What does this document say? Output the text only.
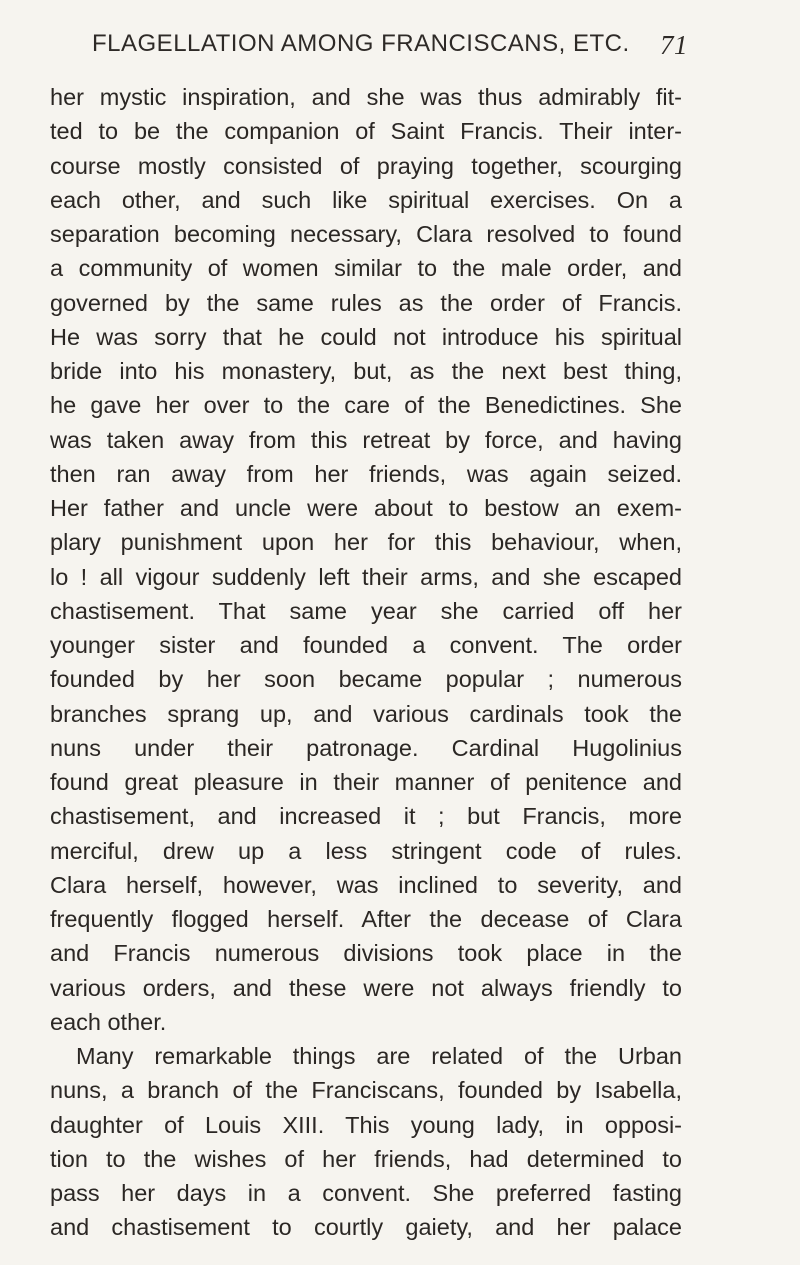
FLAGELLATION AMONG FRANCISCANS, ETC. 71
her mystic inspiration, and she was thus admirably fit-
ted to be the companion of Saint Francis. Their inter-
course mostly consisted of praying together, scourging
each other, and such like spiritual exercises. On a
separation becoming necessary, Clara resolved to found
a community of women similar to the male order, and
governed by the same rules as the order of Francis.
He was sorry that he could not introduce his spiritual
bride into his monastery, but, as the next best thing,
he gave her over to the care of the Benedictines. She
was taken away from this retreat by force, and having
then ran away from her friends, was again seized.
Her father and uncle were about to bestow an exem-
plary punishment upon her for this behaviour, when,
lo ! all vigour suddenly left their arms, and she escaped
chastisement. That same year she carried off her
younger sister and founded a convent. The order
founded by her soon became popular ; numerous
branches sprang up, and various cardinals took the
nuns under their patronage. Cardinal Hugolinius
found great pleasure in their manner of penitence and
chastisement, and increased it ; but Francis, more
merciful, drew up a less stringent code of rules.
Clara herself, however, was inclined to severity, and
frequently flogged herself. After the decease of Clara
and Francis numerous divisions took place in the
various orders, and these were not always friendly to
each other.
Many remarkable things are related of the Urban
nuns, a branch of the Franciscans, founded by Isabella,
daughter of Louis XIII. This young lady, in opposi-
tion to the wishes of her friends, had determined to
pass her days in a convent. She preferred fasting
and chastisement to courtly gaiety, and her palace
